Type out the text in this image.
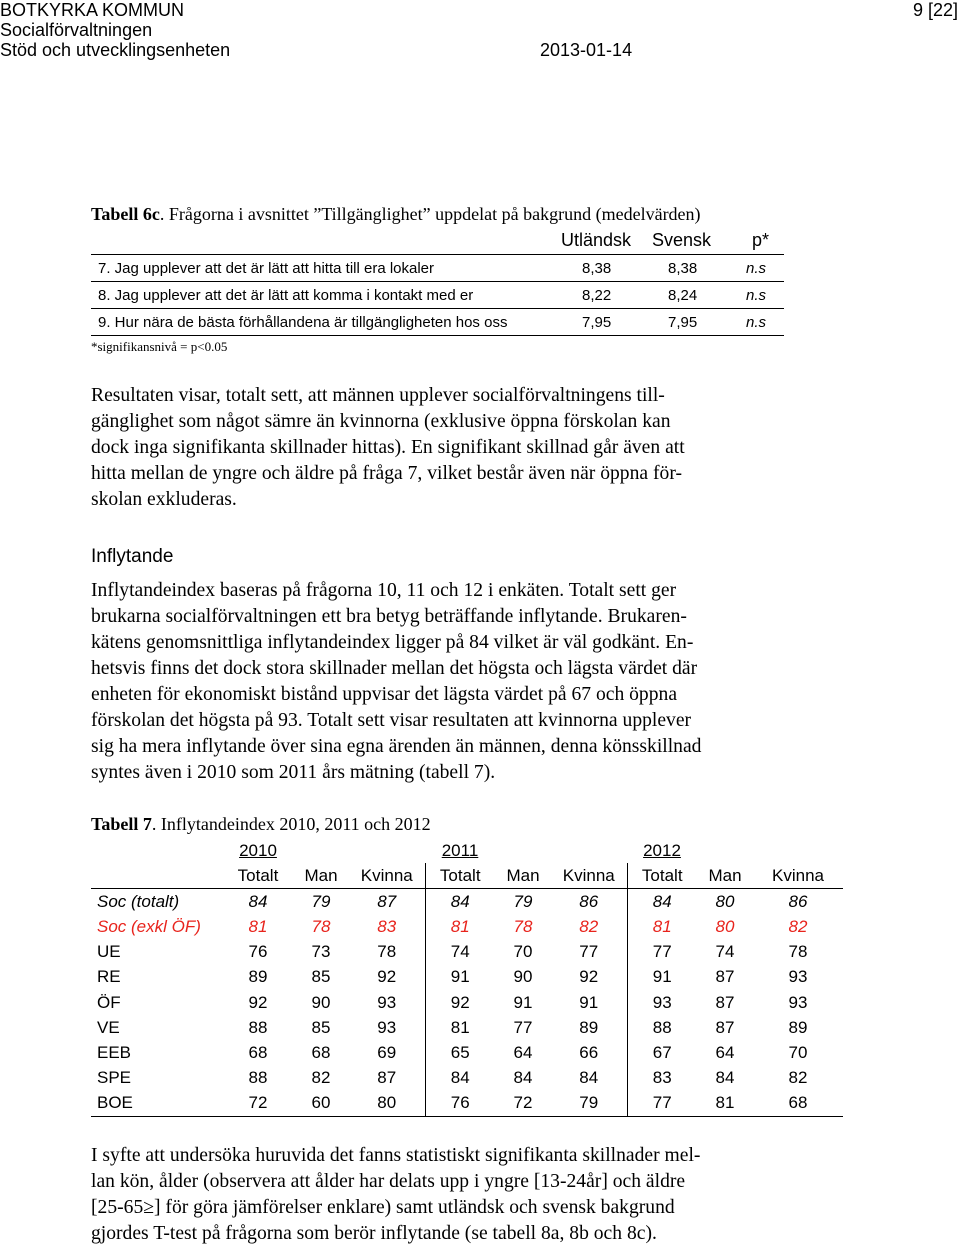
BOTKYRKA KOMMUN
Socialförvaltningen
Stöd och utvecklingsenheten	2013-01-14
9 [22]
Tabell 6c. Frågorna i avsnittet ”Tillgänglighet” uppdelat på bakgrund (medelvärden)
Utländsk Svensk p*
7. Jag upplever att det är lätt att hitta till era lokaler	8,38	8,38	n.s
8. Jag upplever att det är lätt att komma i kontakt med er	8,22	8,24	n.s
9. Hur nära de bästa förhållandena är tillgängligheten hos oss	7,95	7,95	n.s
*signifikansnivå = p<0.05
Resultaten visar, totalt sett, att männen upplever socialförvaltningens till-
gänglighet som något sämre än kvinnorna (exklusive öppna förskolan kan
dock inga signifikanta skillnader hittas). En signifikant skillnad går även att
hitta mellan de yngre och äldre på fråga 7, vilket består även när öppna för-
skolan exkluderas.
Inflytande
Inflytandeindex baseras på frågorna 10, 11 och 12 i enkäten. Totalt sett ger
brukarna socialförvaltningen ett bra betyg beträffande inflytande. Brukaren-
kätens genomsnittliga inflytandeindex ligger på 84 vilket är väl godkänt. En-
hetsvis finns det dock stora skillnader mellan det högsta och lägsta värdet där
enheten för ekonomiskt bistånd uppvisar det lägsta värdet på 67 och öppna
förskolan det högsta på 93. Totalt sett visar resultaten att kvinnorna upplever
sig ha mera inflytande över sina egna ärenden än männen, denna könsskillnad
syntes även i 2010 som 2011 års mätning (tabell 7).
Tabell 7. Inflytandeindex 2010, 2011 och 2012
	2010			2011			2012		
	Totalt	Man	Kvinna	Totalt	Man	Kvinna	Totalt	Man	Kvinna
Soc (totalt)	84	79	87	84	79	86	84	80	86
Soc (exkl ÖF)	81	78	83	81	78	82	81	80	82
UE	76	73	78	74	70	77	77	74	78
RE	89	85	92	91	90	92	91	87	93
ÖF	92	90	93	92	91	91	93	87	93
VE	88	85	93	81	77	89	88	87	89
EEB	68	68	69	65	64	66	67	64	70
SPE	88	82	87	84	84	84	83	84	82
BOE	72	60	80	76	72	79	77	81	68
I syfte att undersöka huruvida det fanns statistiskt signifikanta skillnader mel-
lan kön, ålder (observera att ålder har delats upp i yngre [13-24år] och äldre
[25-65≥] för göra jämförelser enklare) samt utländsk och svensk bakgrund
gjordes T-test på frågorna som berör inflytande (se tabell 8a, 8b och 8c).
